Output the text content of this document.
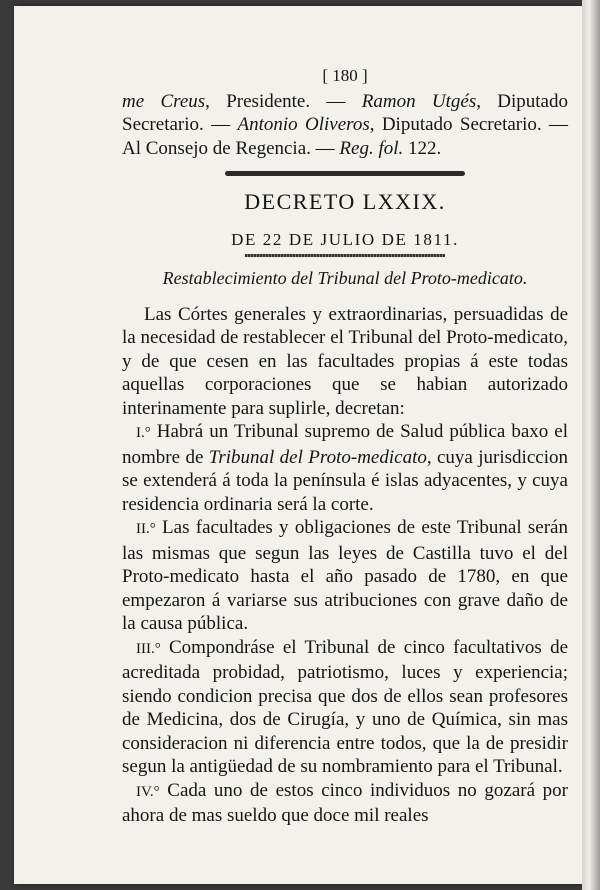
[ 180 ]

me Creus, Presidente. — Ramon Utgés, Diputado Secretario. — Antonio Oliveros, Diputado Secretario. — Al Consejo de Regencia. — Reg. fol. 122.

DECRETO LXXIX.
DE 22 DE JULIO DE 1811.
Restablecimiento del Tribunal del Proto-medicato.

Las Córtes generales y extraordinarias, persuadidas de la necesidad de restablecer el Tribunal del Proto-medicato, y de que cesen en las facultades propias á este todas aquellas corporaciones que se habian autorizado interinamente para suplirle, decretan:

I.° Habrá un Tribunal supremo de Salud pública baxo el nombre de Tribunal del Proto-medicato, cuya jurisdiccion se extenderá á toda la península é islas adyacentes, y cuya residencia ordinaria será la corte.

II.° Las facultades y obligaciones de este Tribunal serán las mismas que segun las leyes de Castilla tuvo el del Proto-medicato hasta el año pasado de 1780, en que empezaron á variarse sus atribuciones con grave daño de la causa pública.

III.° Compondráse el Tribunal de cinco facultativos de acreditada probidad, patriotismo, luces y experiencia; siendo condicion precisa que dos de ellos sean profesores de Medicina, dos de Cirugía, y uno de Química, sin mas consideracion ni diferencia entre todos, que la de presidir segun la antigüedad de su nombramiento para el Tribunal.

IV.° Cada uno de estos cinco individuos no gozará por ahora de mas sueldo que doce mil reales
